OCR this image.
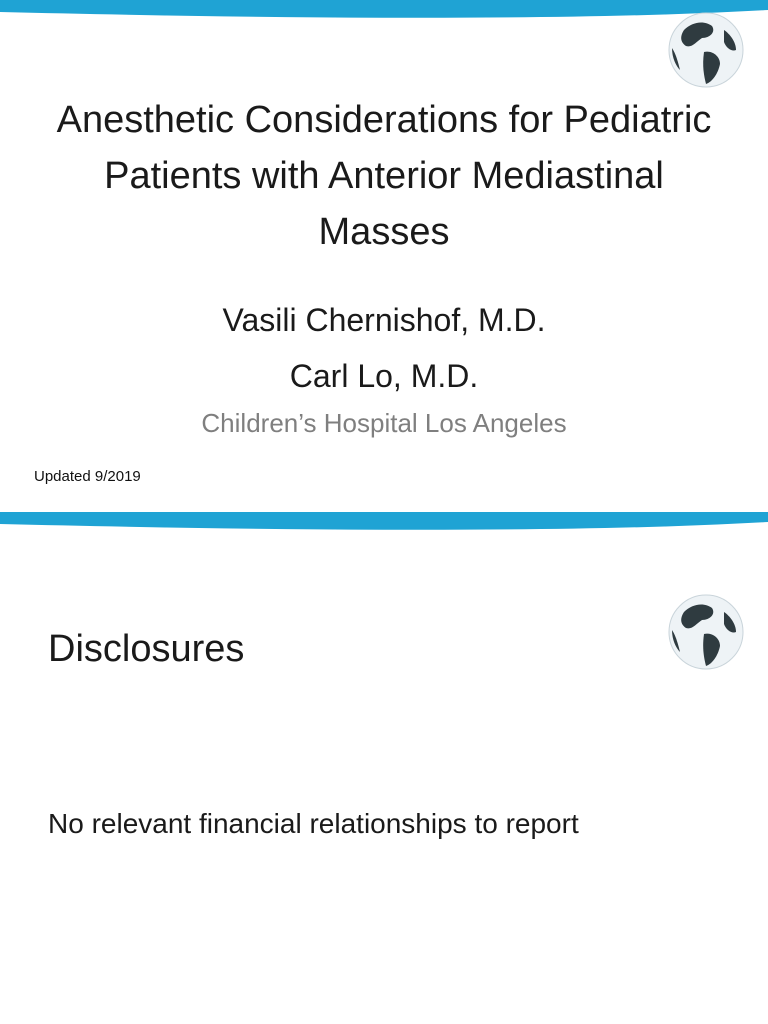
Anesthetic Considerations for Pediatric Patients with Anterior Mediastinal Masses
Vasili Chernishof, M.D.
Carl Lo, M.D.
Children’s Hospital Los Angeles
Updated 9/2019
Disclosures
No relevant financial relationships to report
